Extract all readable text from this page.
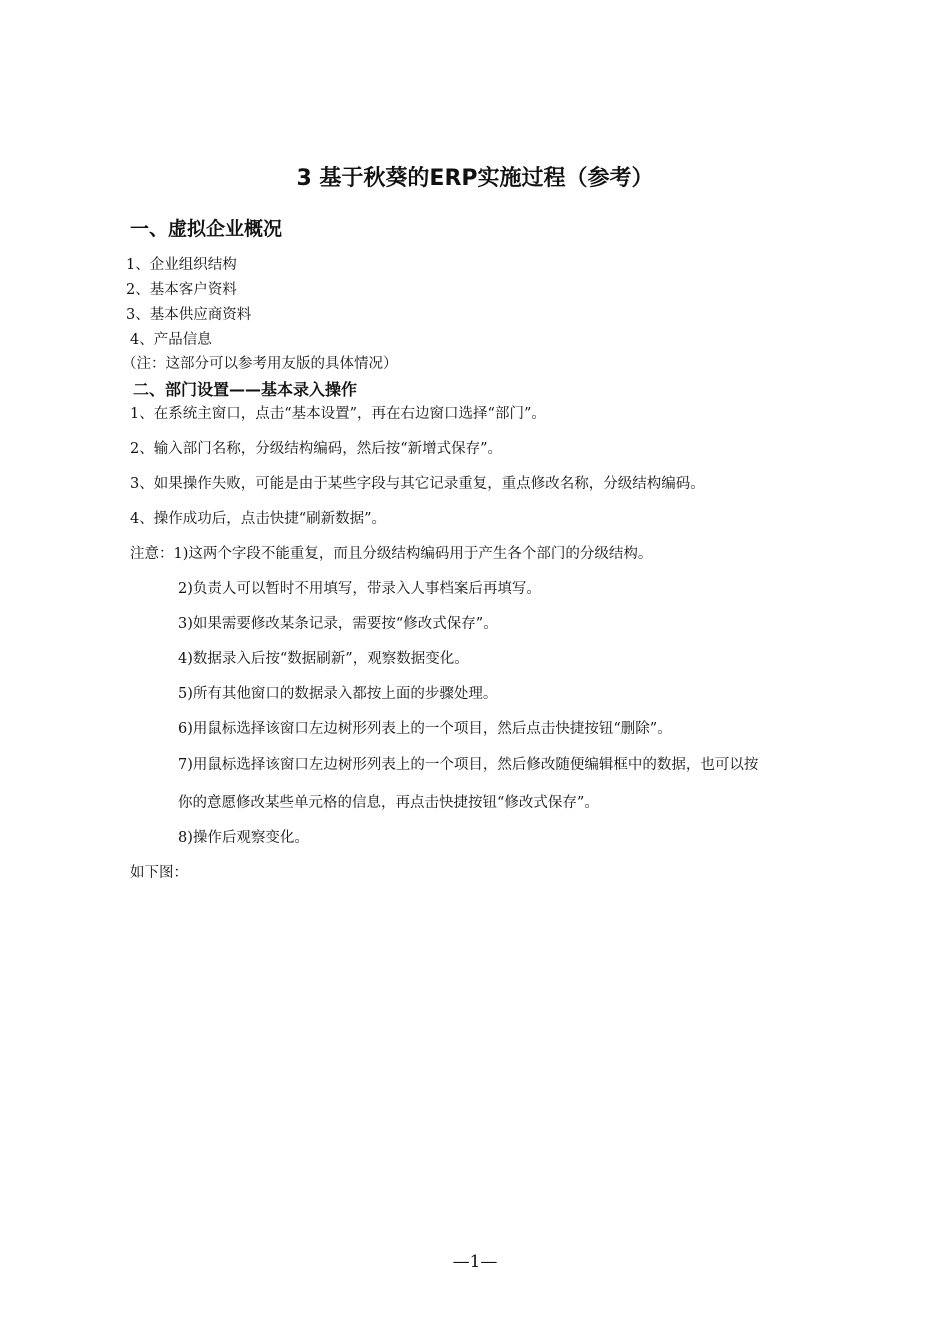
3 基于秋葵的ERP实施过程（参考）
一、虚拟企业概况
1、企业组织结构
2、基本客户资料
3、基本供应商资料
4、产品信息
（注：这部分可以参考用友版的具体情况）
二、部门设置——基本录入操作
1、在系统主窗口，点击“基本设置”，再在右边窗口选择“部门”。
2、输入部门名称，分级结构编码，然后按“新增式保存”。
3、如果操作失败，可能是由于某些字段与其它记录重复，重点修改名称，分级结构编码。
4、操作成功后，点击快捷“刷新数据”。
注意：1)这两个字段不能重复，而且分级结构编码用于产生各个部门的分级结构。
2)负责人可以暂时不用填写，带录入人事档案后再填写。
3)如果需要修改某条记录，需要按“修改式保存”。
4)数据录入后按“数据刷新”，观察数据变化。
5)所有其他窗口的数据录入都按上面的步骤处理。
6)用鼠标选择该窗口左边树形列表上的一个项目，然后点击快捷按钮“删除”。
7)用鼠标选择该窗口左边树形列表上的一个项目，然后修改随便编辑框中的数据，也可以按
你的意愿修改某些单元格的信息，再点击快捷按钮“修改式保存”。
8)操作后观察变化。
如下图：
—1—
